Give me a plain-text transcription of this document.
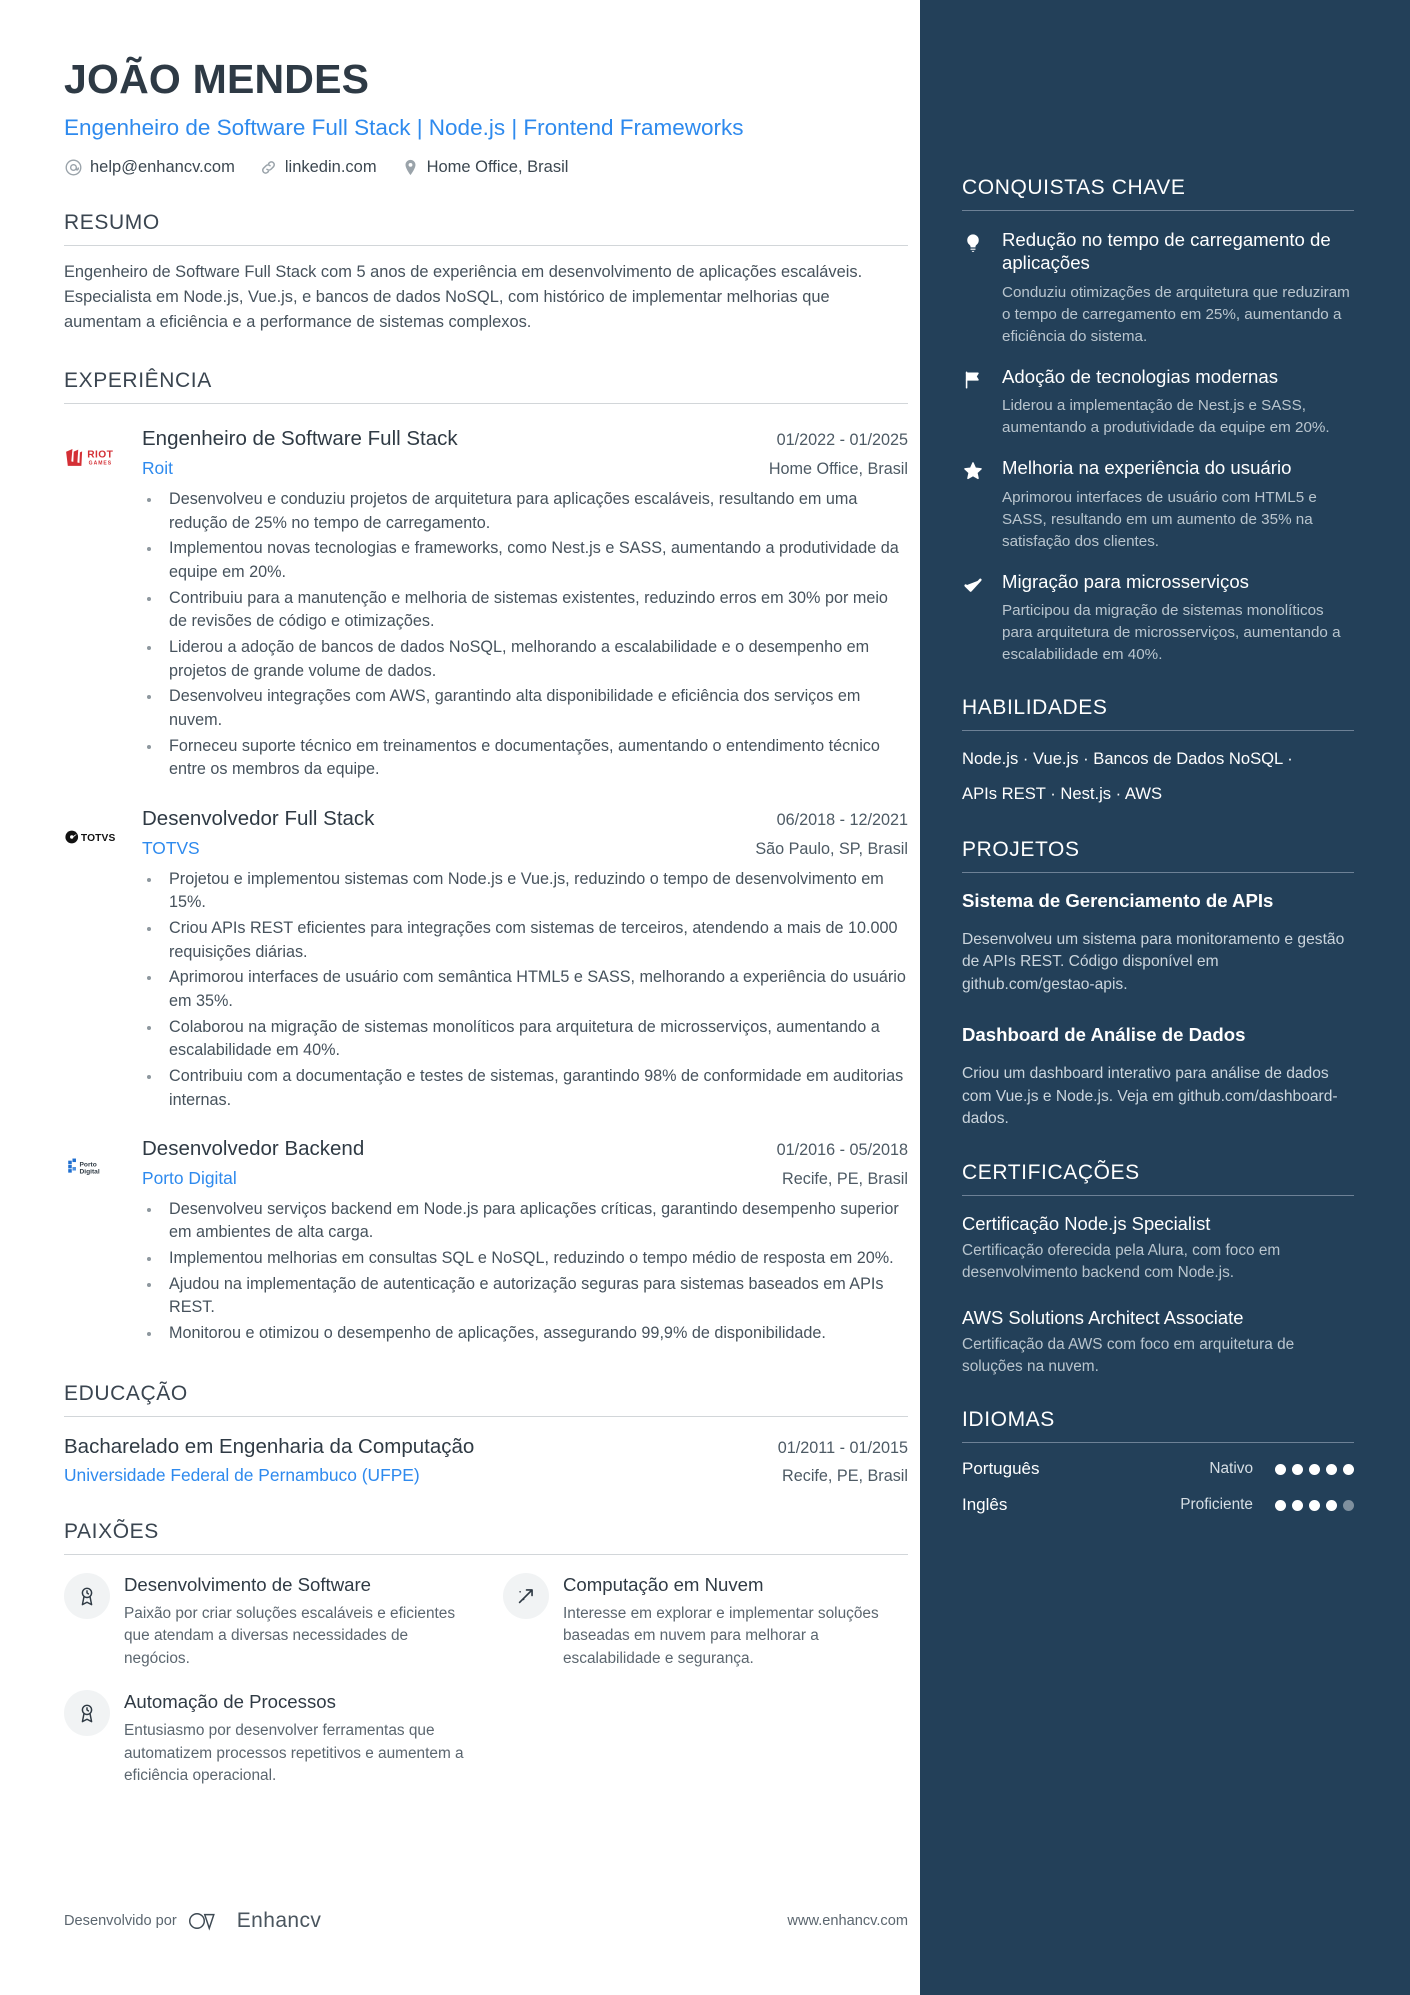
JOÃO MENDES
Engenheiro de Software Full Stack | Node.js | Frontend Frameworks
help@enhancv.com	linkedin.com	Home Office, Brasil
RESUMO
Engenheiro de Software Full Stack com 5 anos de experiência em desenvolvimento de aplicações escaláveis. Especialista em Node.js, Vue.js, e bancos de dados NoSQL, com histórico de implementar melhorias que aumentam a eficiência e a performance de sistemas complexos.
EXPERIÊNCIA
RIOT
GAMES
Engenheiro de Software Full Stack	01/2022 - 01/2025
Roit	Home Office, Brasil
• Desenvolveu e conduziu projetos de arquitetura para aplicações escaláveis, resultando em uma redução de 25% no tempo de carregamento.
• Implementou novas tecnologias e frameworks, como Nest.js e SASS, aumentando a produtividade da equipe em 20%.
• Contribuiu para a manutenção e melhoria de sistemas existentes, reduzindo erros em 30% por meio de revisões de código e otimizações.
• Liderou a adoção de bancos de dados NoSQL, melhorando a escalabilidade e o desempenho em projetos de grande volume de dados.
• Desenvolveu integrações com AWS, garantindo alta disponibilidade e eficiência dos serviços em nuvem.
• Forneceu suporte técnico em treinamentos e documentações, aumentando o entendimento técnico entre os membros da equipe.
TOTVS
Desenvolvedor Full Stack	06/2018 - 12/2021
TOTVS	São Paulo, SP, Brasil
• Projetou e implementou sistemas com Node.js e Vue.js, reduzindo o tempo de desenvolvimento em 15%.
• Criou APIs REST eficientes para integrações com sistemas de terceiros, atendendo a mais de 10.000 requisições diárias.
• Aprimorou interfaces de usuário com semântica HTML5 e SASS, melhorando a experiência do usuário em 35%.
• Colaborou na migração de sistemas monolíticos para arquitetura de microsserviços, aumentando a escalabilidade em 40%.
• Contribuiu com a documentação e testes de sistemas, garantindo 98% de conformidade em auditorias internas.
Porto
Digital
Desenvolvedor Backend	01/2016 - 05/2018
Porto Digital	Recife, PE, Brasil
• Desenvolveu serviços backend em Node.js para aplicações críticas, garantindo desempenho superior em ambientes de alta carga.
• Implementou melhorias em consultas SQL e NoSQL, reduzindo o tempo médio de resposta em 20%.
• Ajudou na implementação de autenticação e autorização seguras para sistemas baseados em APIs REST.
• Monitorou e otimizou o desempenho de aplicações, assegurando 99,9% de disponibilidade.
EDUCAÇÃO
Bacharelado em Engenharia da Computação	01/2011 - 01/2015
Universidade Federal de Pernambuco (UFPE)	Recife, PE, Brasil
PAIXÕES
Desenvolvimento de Software
Paixão por criar soluções escaláveis e eficientes que atendam a diversas necessidades de negócios.
Computação em Nuvem
Interesse em explorar e implementar soluções baseadas em nuvem para melhorar a escalabilidade e segurança.
Automação de Processos
Entusiasmo por desenvolver ferramentas que automatizem processos repetitivos e aumentem a eficiência operacional.
Desenvolvido por	Enhancv	www.enhancv.com
CONQUISTAS CHAVE
Redução no tempo de carregamento de aplicações
Conduziu otimizações de arquitetura que reduziram o tempo de carregamento em 25%, aumentando a eficiência do sistema.
Adoção de tecnologias modernas
Liderou a implementação de Nest.js e SASS, aumentando a produtividade da equipe em 20%.
Melhoria na experiência do usuário
Aprimorou interfaces de usuário com HTML5 e SASS, resultando em um aumento de 35% na satisfação dos clientes.
Migração para microsserviços
Participou da migração de sistemas monolíticos para arquitetura de microsserviços, aumentando a escalabilidade em 40%.
HABILIDADES
Node.js · Vue.js · Bancos de Dados NoSQL ·
APIs REST · Nest.js · AWS
PROJETOS
Sistema de Gerenciamento de APIs
Desenvolveu um sistema para monitoramento e gestão de APIs REST. Código disponível em github.com/gestao-apis.
Dashboard de Análise de Dados
Criou um dashboard interativo para análise de dados com Vue.js e Node.js. Veja em github.com/dashboard-dados.
CERTIFICAÇÕES
Certificação Node.js Specialist
Certificação oferecida pela Alura, com foco em desenvolvimento backend com Node.js.
AWS Solutions Architect Associate
Certificação da AWS com foco em arquitetura de soluções na nuvem.
IDIOMAS
Português	Nativo
Inglês	Proficiente
